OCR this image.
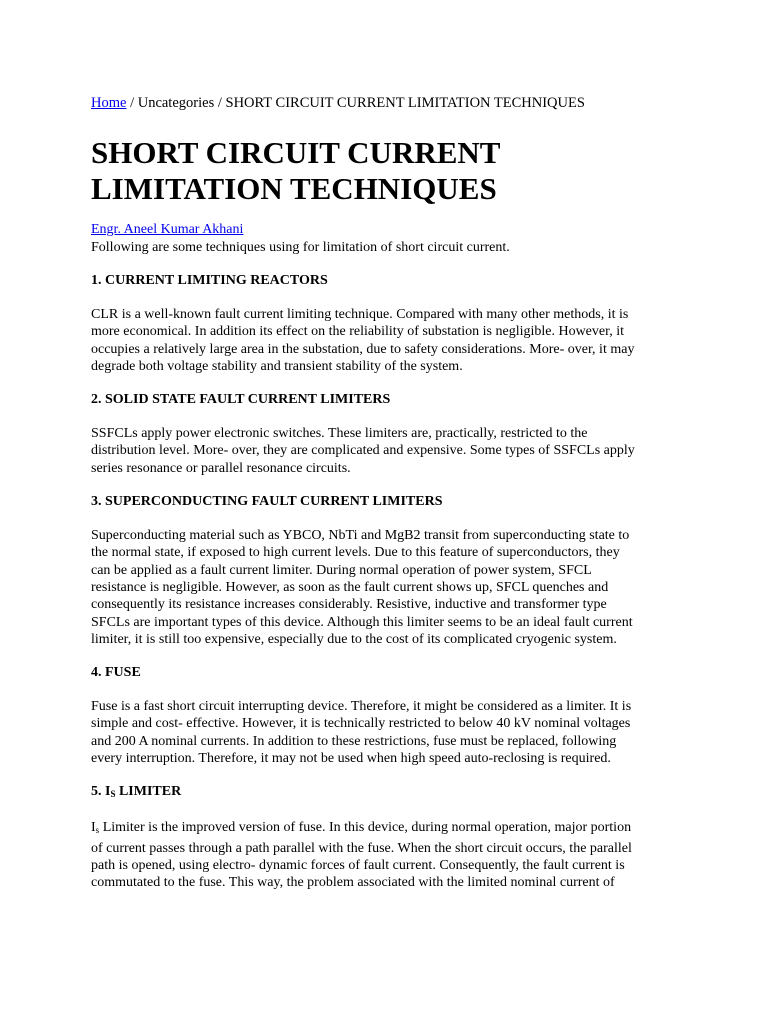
Home / Uncategories / SHORT CIRCUIT CURRENT LIMITATION TECHNIQUES
SHORT CIRCUIT CURRENT
LIMITATION TECHNIQUES
Engr. Aneel Kumar Akhani

Following are some techniques using for limitation of short circuit current.

1. CURRENT LIMITING REACTORS

CLR is a well-known fault current limiting technique. Compared with many other methods, it is
more economical. In addition its effect on the reliability of substation is negligible. However, it
occupies a relatively large area in the substation, due to safety considerations. More- over, it may
degrade both voltage stability and transient stability of the system.

2. SOLID STATE FAULT CURRENT LIMITERS

SSFCLs apply power electronic switches. These limiters are, practically, restricted to the
distribution level. More- over, they are complicated and expensive. Some types of SSFCLs apply
series resonance or parallel resonance circuits.

3. SUPERCONDUCTING FAULT CURRENT LIMITERS

Superconducting material such as YBCO, NbTi and MgB2 transit from superconducting state to
the normal state, if exposed to high current levels. Due to this feature of superconductors, they
can be applied as a fault current limiter. During normal operation of power system, SFCL
resistance is negligible. However, as soon as the fault current shows up, SFCL quenches and
consequently its resistance increases considerably. Resistive, inductive and transformer type
SFCLs are important types of this device. Although this limiter seems to be an ideal fault current
limiter, it is still too expensive, especially due to the cost of its complicated cryogenic system.

4. FUSE

Fuse is a fast short circuit interrupting device. Therefore, it might be considered as a limiter. It is
simple and cost- effective. However, it is technically restricted to below 40 kV nominal voltages
and 200 A nominal currents. In addition to these restrictions, fuse must be replaced, following
every interruption. Therefore, it may not be used when high speed auto-reclosing is required.

5. $I_S$ LIMITER

$I_s$ Limiter is the improved version of fuse. In this device, during normal operation, major portion
of current passes through a path parallel with the fuse. When the short circuit occurs, the parallel
path is opened, using electro- dynamic forces of fault current. Consequently, the fault current is
commutated to the fuse. This way, the problem associated with the limited nominal current of
